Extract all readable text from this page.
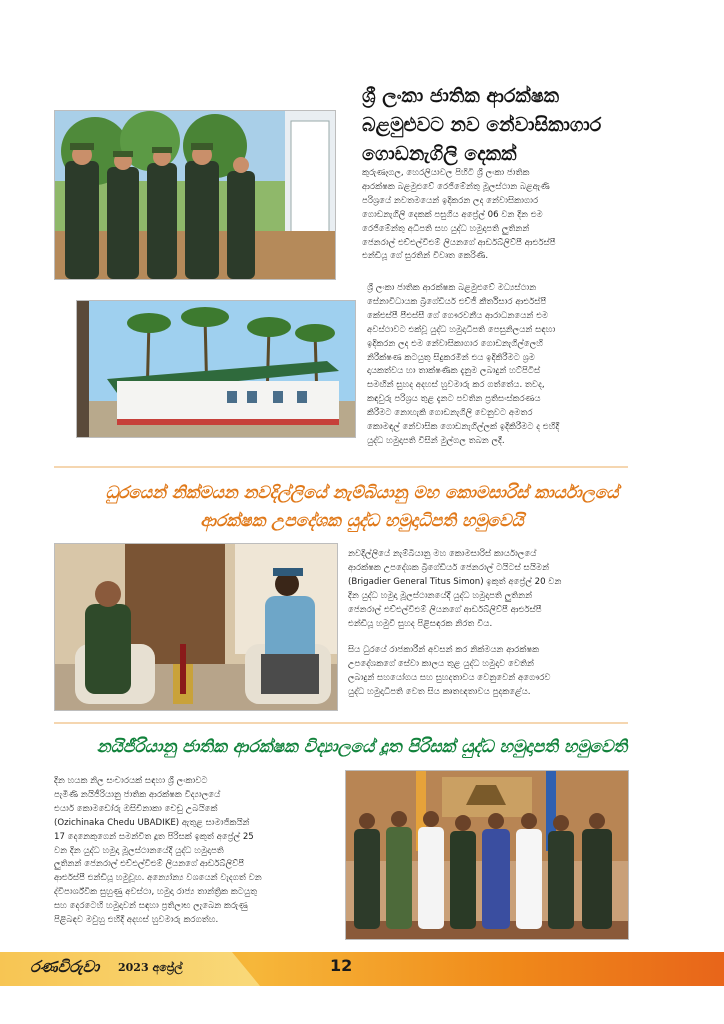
ශ්‍රී ලංකා ජාතික ආරක්ෂක
බළමුළුවට නව නේවාසිකාගාර
ගොඩනැගිලි දෙකක්
කුරුණෑගල, හෙරලියාවල පිහිටි ශ්‍රී ලංකා ජාතික
ආරක්ෂක බළමුළුවේ රෙජිමේන්තු මූලස්ථාන බළඇණි
පරිශ්‍රයේ නවතමයෙන් ඉදිකරන ලද නේවාසිකාගාර
ගොඩනැගිලි දෙකක් පසුගිය අප්‍රේල් 06 වන දින එම
රෙජිමේන්තු අධිපති සහ යුද්ධ හමුදාපති ලුතිනන්
ජෙනරාල් එච්එල්වීඑම් ලියනගේ ආර්ඩබ්ලිව්පී ආර්එස්පී
එන්ඩියූ ගේ සුරතින් විවෘත කෙරිණි.
ශ්‍රී ලංකා ජාතික ආරක්ෂක බළමුළුවේ මධ්‍යස්ථාන
සේනාවිධායක බ්‍රිගේඩියර් එච්ජී කීර්තිසාර ආර්එස්පී
කේඑස්පී පීඑස්සී ගේ ගෞරවනීය ආරාධනයෙන් එම
අවස්ථාවට එක්වූ යුද්ධ හමුදාධිපති පෙසුනිලයන් සඳහා
ඉදිකරන ලද එම නේවාසිකාගාර ගොඩනැගිල්ලෙහි
නිරීක්ෂණ කටයුතු සිදුකරමින් එය ඉදිකිරීමට ශ්‍රම
දායකත්වය හා තාක්ෂණික දැනුම ලබාදුන් හට්පිටිස්
සමඟින් සුහද අදහස් හුවමාරු කර ගත්තේය. තවද,
කඳවුරු පරිශ්‍රය තුළ දැනට පවතින ප්‍රතිසංස්කරණය
කිරීමට නොහැකි ගොඩනැගිලි වෙනුවට අමතර
කොමඳල් නේවාසික ගොඩනැගිල්ලක් ඉදිකිරීමට ද එහිදී
යුද්ධ හමුදාපති විසින් මුල්ගල තබන ලදී.
ධුරයෙන් නික්මයන නවදිල්ලියේ නැම්බියානු මහ කොමසාරිස් කාර්යාලයේ
ආරක්ෂක උපදේශක යුද්ධ හමුදාධිපති හමුවෙයි
නවදිල්ලියේ නැම්බියානු මහ කොමසාරිස් කාර්යාලයේ
ආරක්ෂක උපදේශක බ්‍රිගේඩියර් ජෙනරාල් ටයිටස් සයිමන්
(Brigadier General Titus Simon) ඉකුත් අප්‍රේල් 20 වන
දින යුද්ධ හමුදා මූලස්ථානයේදී යුද්ධ හමුදාපති ලුතිනන්
ජෙනරාල් එච්එල්වීඑම් ලියනගේ ආර්ඩබ්ලිව්පී ආර්එස්පී
එන්ඩියූ හමුවී සුහද පිළිසඳරක නිරත විය.
සිය ධුරයේ රාජකාරීන් අවසන් කර නික්මයන ආරක්ෂක
උපදේශකගේ සේවා කාලය තුළ යුද්ධ හමුදාව වෙතින්
ලබාදුන් සහයෝගය සහ සුහදතාවය වෙනුවෙන් අගෞරව
යුද්ධ හමුදාධිපති වෙත සිය කෘතඥතාවය පුදකළේය.
නයිජීරියානු ජාතික ආරක්ෂක විද්‍යාලයේ දූත පිරිසක් යුද්ධ හමුදාපති හමුවෙති
දින හයක නිල සංචාරයක් සඳහා ශ්‍රී ලංකාවට
පැමිණි නයිජීරියානු ජාතික ආරක්ෂක විද්‍යාලයේ
එයාර් කොමඩෝරු ඔසිචිනාකා චෙඩු උබයිකේ
(Ozichinaka Chedu UBADIKE) ඇතුළ සාමාජිකයින්
17 දෙනෙකුගෙන් සමන්විත දූත පිරිසක් ඉකුත් අප්‍රේල් 25
වන දින යුද්ධ හමුදා මූලස්ථානයේදී යුද්ධ හමුදාපති
ලුතිනන් ජෙනරාල් එච්එල්වීඑම් ලියනගේ ආර්ඩබ්ලිව්පී
ආර්එස්පී එන්ඩියූ හමුවූහ. අන්‍යෝන්‍ය වශයෙන් වැදගත් වන
ද්විපාර්ශ්වික සුහුණු අවස්ථා, හමුදා රාජ්‍ය තාන්ත්‍රික කටයුතු
සහ දෙරටෙහි හමුදාවන් සඳහා ප්‍රතිලාභ ලැබෙන කරුණු
පිළිබඳව මවුහු එහිදී අදහස් හුවමාරු කරගත්හ.
රණවිරුවා 2023 අප්‍රේල්	12
